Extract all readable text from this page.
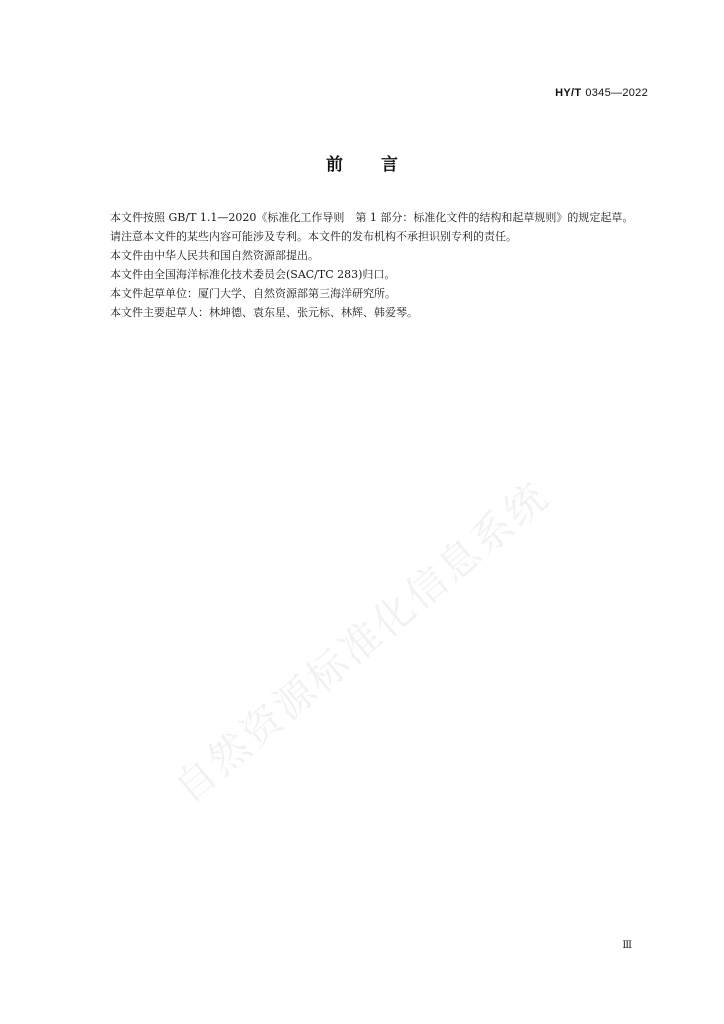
HY/T 0345—2022
前言

本文件按照 GB/T 1.1—2020《标准化工作导则　第 1 部分：标准化文件的结构和起草规则》的规定起草。

请注意本文件的某些内容可能涉及专利。本文件的发布机构不承担识别专利的责任。

本文件由中华人民共和国自然资源部提出。

本文件由全国海洋标准化技术委员会(SAC/TC 283)归口。

本文件起草单位：厦门大学、自然资源部第三海洋研究所。

本文件主要起草人：林坤德、袁东星、张元标、林辉、韩爱琴。

自然资源标准化信息系统
Ⅲ
